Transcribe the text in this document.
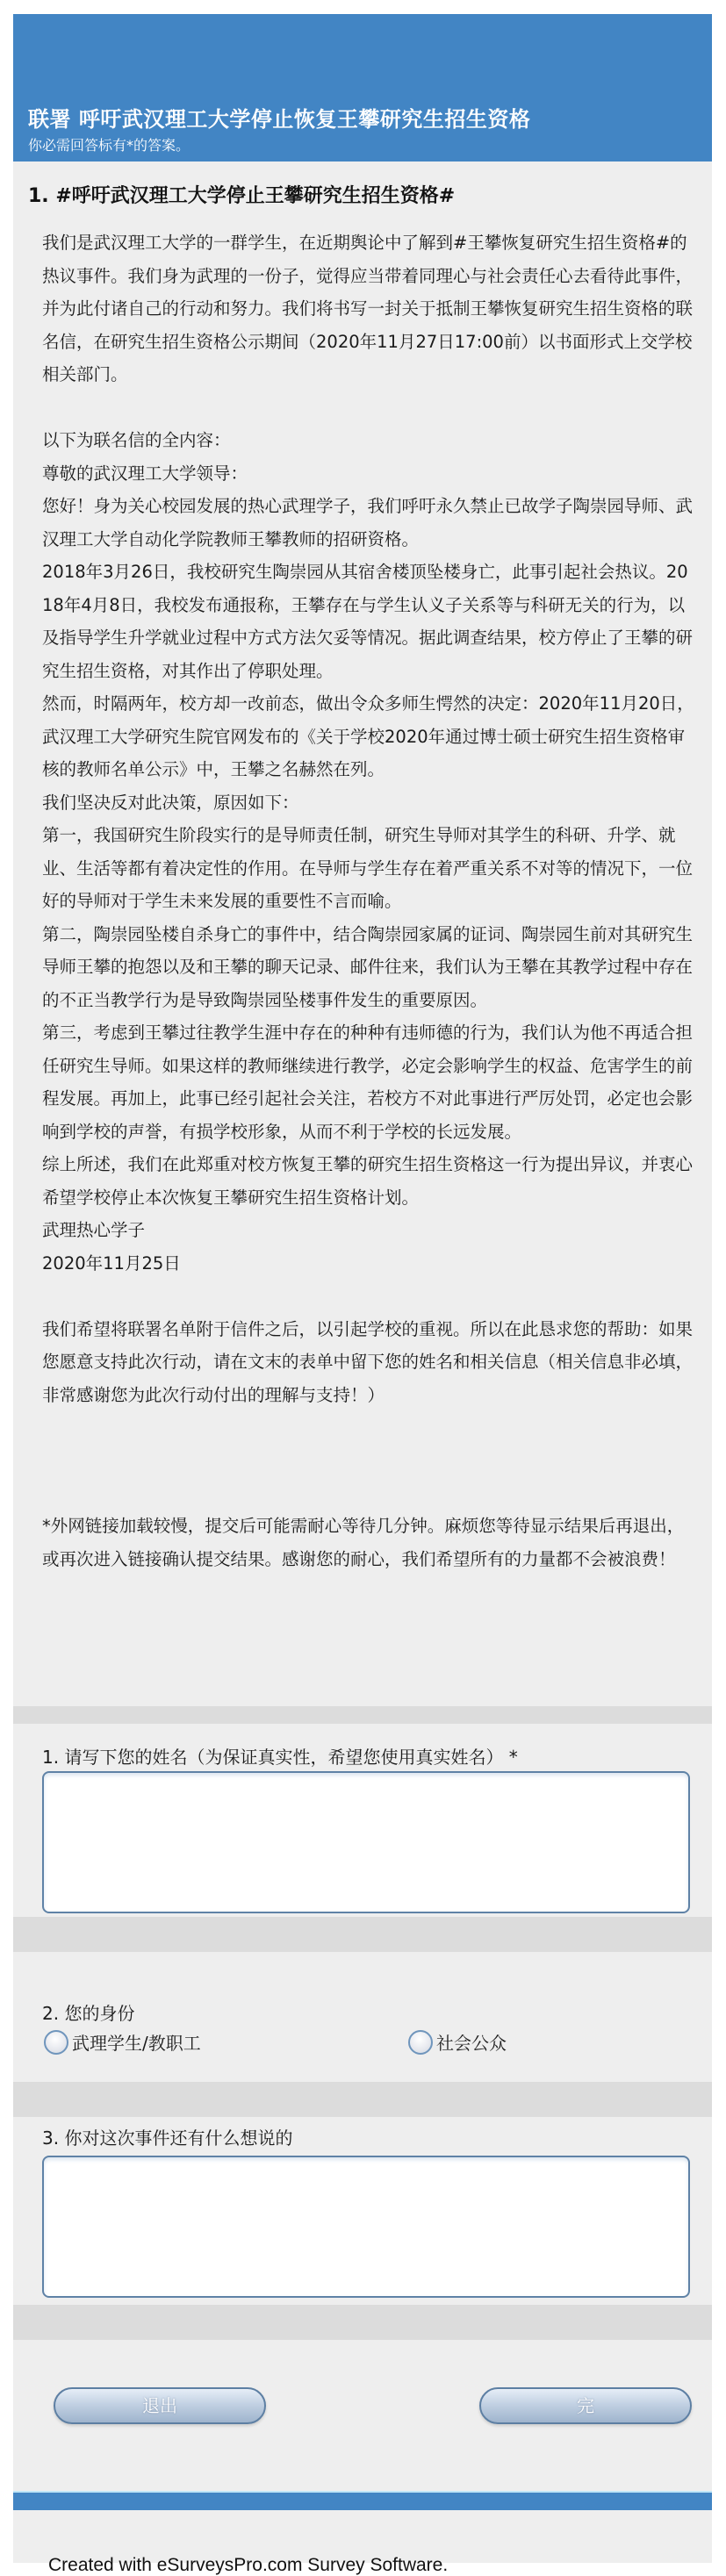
联署 呼吁武汉理工大学停止恢复王攀研究生招生资格
你必需回答标有*的答案。
1. #呼吁武汉理工大学停止王攀研究生招生资格#

我们是武汉理工大学的一群学生，在近期舆论中了解到#王攀恢复研究生招生资格#的热议事件。我们身为武理的一份子，觉得应当带着同理心与社会责任心去看待此事件，并为此付诸自己的行动和努力。我们将书写一封关于抵制王攀恢复研究生招生资格的联名信，在研究生招生资格公示期间（2020年11月27日17:00前）以书面形式上交学校相关部门。

以下为联名信的全内容：

尊敬的武汉理工大学领导：

您好！身为关心校园发展的热心武理学子，我们呼吁永久禁止已故学子陶崇园导师、武汉理工大学自动化学院教师王攀教师的招研资格。

2018年3月26日，我校研究生陶崇园从其宿舍楼顶坠楼身亡，此事引起社会热议。2018年4月8日，我校发布通报称，王攀存在与学生认义子关系等与科研无关的行为，以及指导学生升学就业过程中方式方法欠妥等情况。据此调查结果，校方停止了王攀的研究生招生资格，对其作出了停职处理。

然而，时隔两年，校方却一改前态，做出令众多师生愕然的决定：2020年11月20日，武汉理工大学研究生院官网发布的《关于学校2020年通过博士硕士研究生招生资格审核的教师名单公示》中，王攀之名赫然在列。

我们坚决反对此决策，原因如下：

第一，我国研究生阶段实行的是导师责任制，研究生导师对其学生的科研、升学、就业、生活等都有着决定性的作用。在导师与学生存在着严重关系不对等的情况下，一位好的导师对于学生未来发展的重要性不言而喻。

第二，陶崇园坠楼自杀身亡的事件中，结合陶崇园家属的证词、陶崇园生前对其研究生导师王攀的抱怨以及和王攀的聊天记录、邮件往来，我们认为王攀在其教学过程中存在的不正当教学行为是导致陶崇园坠楼事件发生的重要原因。

第三，考虑到王攀过往教学生涯中存在的种种有违师德的行为，我们认为他不再适合担任研究生导师。如果这样的教师继续进行教学，必定会影响学生的权益、危害学生的前程发展。再加上，此事已经引起社会关注，若校方不对此事进行严厉处罚，必定也会影响到学校的声誉，有损学校形象，从而不利于学校的长远发展。

综上所述，我们在此郑重对校方恢复王攀的研究生招生资格这一行为提出异议，并衷心希望学校停止本次恢复王攀研究生招生资格计划。

武理热心学子

2020年11月25日

我们希望将联署名单附于信件之后，以引起学校的重视。所以在此恳求您的帮助：如果您愿意支持此次行动，请在文末的表单中留下您的姓名和相关信息（相关信息非必填，非常感谢您为此次行动付出的理解与支持！）

*外网链接加载较慢，提交后可能需耐心等待几分钟。麻烦您等待显示结果后再退出，或再次进入链接确认提交结果。感谢您的耐心，我们希望所有的力量都不会被浪费！

1. 请写下您的姓名（为保证真实性，希望您使用真实姓名） *
2. 您的身份
武理学生/教职工	社会公众
3. 你对这次事件还有什么想说的
退出	完
Created with eSurveysPro.com Survey Software.
